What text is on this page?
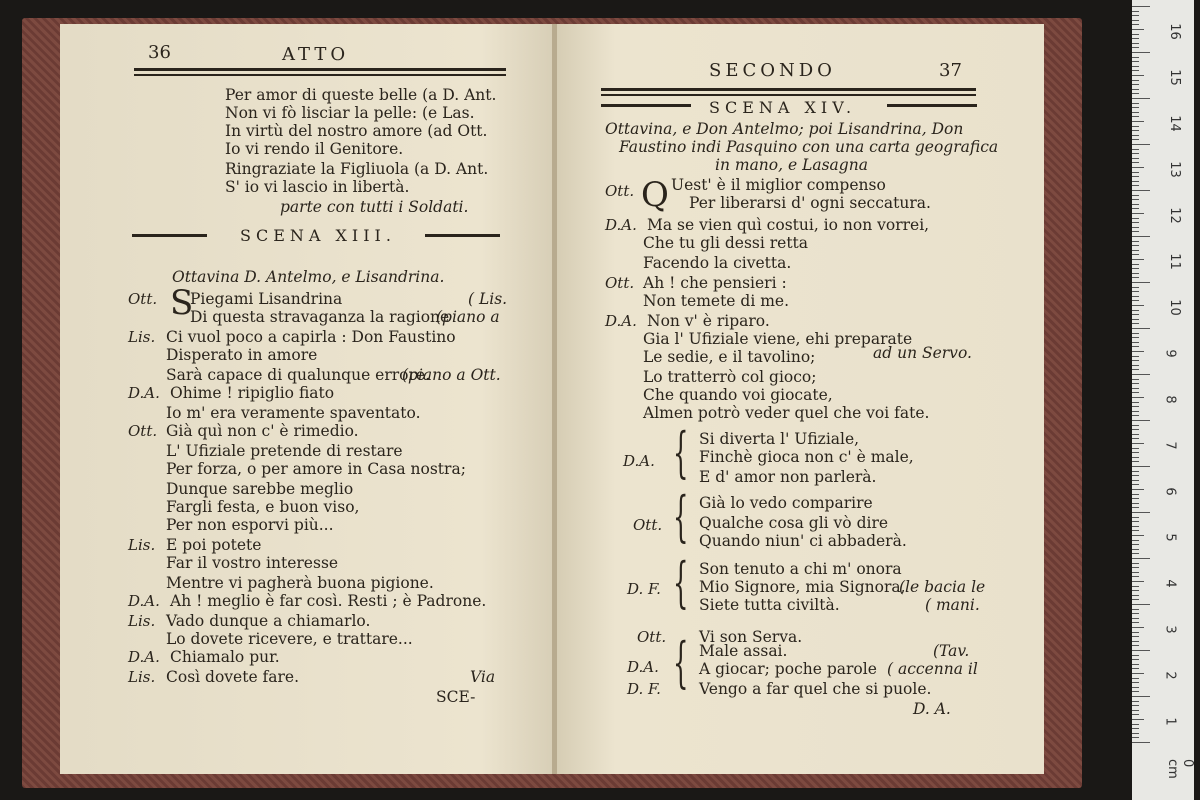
36	ATTO
Per amor di queste belle (a D. Ant.
Non vi fò lisciar la pelle: (e Las.
In virtù del nostro amore (ad Ott.
Io vi rendo il Genitore.
Ringraziate la Figliuola (a D. Ant.
S' io vi lascio in libertà.
parte con tutti i Soldati.
SCENA XIII.
Ottavina D. Antelmo, e Lisandrina.
Ott. S
Piegami Lisandrina	( Lis.
Di questa stravaganza la ragione
(piano a
Lis. Ci vuol poco a capirla : Don Faustino
Disperato in amore
Sarà capace di qualunque errore.
(piano a Ott.
D.A. Ohime ! ripiglio fiato
Io m' era veramente spaventato.
Ott. Già quì non c' è rimedio.
L' Ufiziale pretende di restare
Per forza, o per amore in Casa nostra;
Dunque sarebbe meglio
Fargli festa, e buon viso,
Per non esporvi più...
Lis. E poi potete
Far il vostro interesse
Mentre vi pagherà buona pigione.
D.A. Ah ! meglio è far così. Resti ; è Padrone.
Lis. Vado dunque a chiamarlo.
Lo dovete ricevere, e trattare...
D.A. Chiamalo pur.
Lis. Così dovete fare.	Via
SCE-
SECONDO	37
SCENA XIV.
Ottavina, e Don Antelmo; poi Lisandrina, Don
Faustino indi Pasquino con una carta geografica
in mano, e Lasagna
Ott. Q Uest' è il miglior compenso
Per liberarsi d' ogni seccatura.
D.A. Ma se vien quì costui, io non vorrei,
Che tu gli dessi retta
Facendo la civetta.
Ott. Ah ! che pensieri :
Non temete di me.
D.A. Non v' è riparo.
Gia l' Ufiziale viene, ehi preparate
Le sedie, e il tavolino;	ad un Servo.
Lo tratterrò col gioco;
Che quando voi giocate,
Almen potrò veder quel che voi fate.
D.A. { Si diverta l' Ufiziale,
Finchè gioca non c' è male,
E d' amor non parlerà.
Ott. { Già lo vedo comparire
Qualche cosa gli vò dire
Quando niun' ci abbaderà.
D. F. { Son tenuto a chi m' onora
Mio Signore, mia Signora,
(le bacia le
Siete tutta civiltà.	( mani.
Ott. Vi son Serva.
D.A. { Male assai.	(Tav.
A giocar; poche parole ( accenna il
D. F. Vengo a far quel che si puole.
D. A.
16
15
14
13
12
11
10
9
8
7
6
5
4
3
2
1
0 cm
